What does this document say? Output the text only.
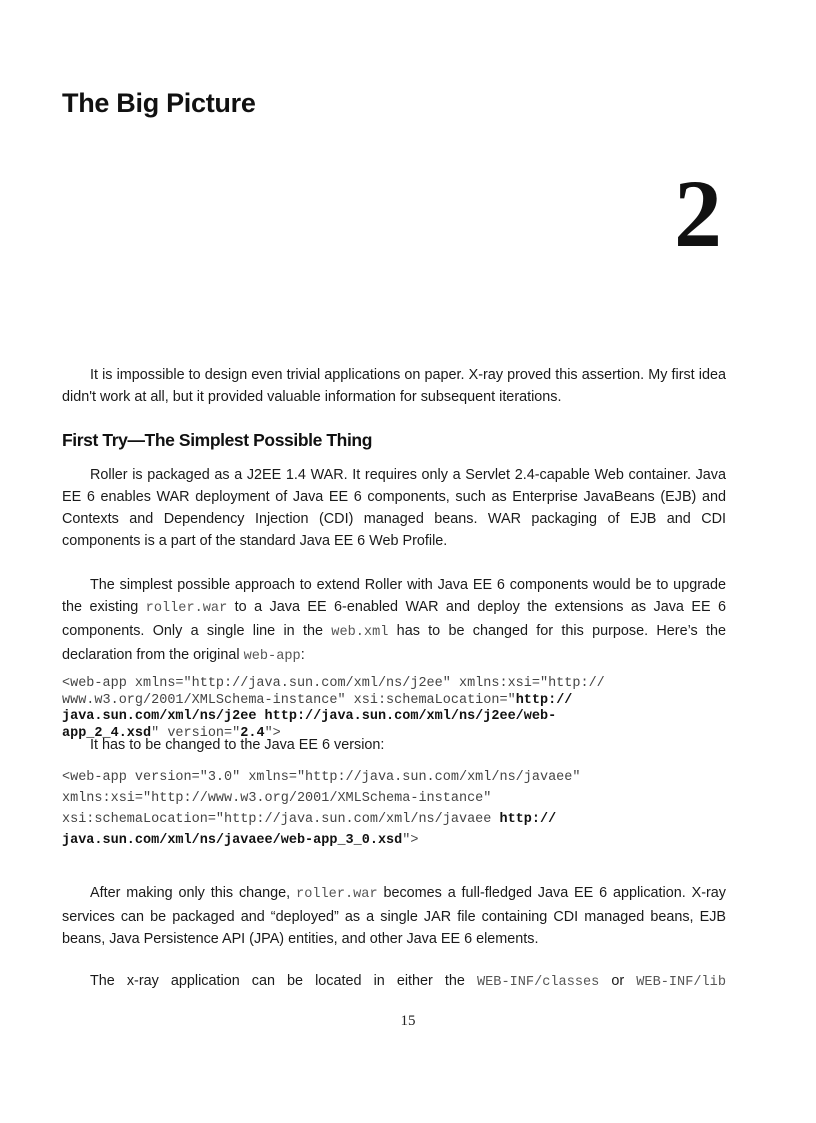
The Big Picture
2

It is impossible to design even trivial applications on paper. X-ray proved this assertion. My first idea didn't work at all, but it provided valuable information for subsequent iterations.

First Try—The Simplest Possible Thing

Roller is packaged as a J2EE 1.4 WAR. It requires only a Servlet 2.4-capable Web container. Java EE 6 enables WAR deployment of Java EE 6 components, such as Enterprise JavaBeans (EJB) and Contexts and Dependency Injection (CDI) managed beans. WAR packaging of EJB and CDI components is a part of the standard Java EE 6 Web Profile.

The simplest possible approach to extend Roller with Java EE 6 components would be to upgrade the existing roller.war to a Java EE 6-enabled WAR and deploy the extensions as Java EE 6 components. Only a single line in the web.xml has to be changed for this purpose. Here’s the declaration from the original web-app:

<web-app xmlns="http://java.sun.com/xml/ns/j2ee" xmlns:xsi="http://
www.w3.org/2001/XMLSchema-instance" xsi:schemaLocation="http://
java.sun.com/xml/ns/j2ee http://java.sun.com/xml/ns/j2ee/web-
app_2_4.xsd" version="2.4">

It has to be changed to the Java EE 6 version:

<web-app version="3.0" xmlns="http://java.sun.com/xml/ns/javaee"
xmlns:xsi="http://www.w3.org/2001/XMLSchema-instance"
xsi:schemaLocation="http://java.sun.com/xml/ns/javaee http://
java.sun.com/xml/ns/javaee/web-app_3_0.xsd">

After making only this change, roller.war becomes a full-fledged Java EE 6 application. X-ray services can be packaged and “deployed” as a single JAR file containing CDI managed beans, EJB beans, Java Persistence API (JPA) entities, and other Java EE 6 elements.

The x-ray application can be located in either the WEB-INF/classes or WEB-INF/lib

15
